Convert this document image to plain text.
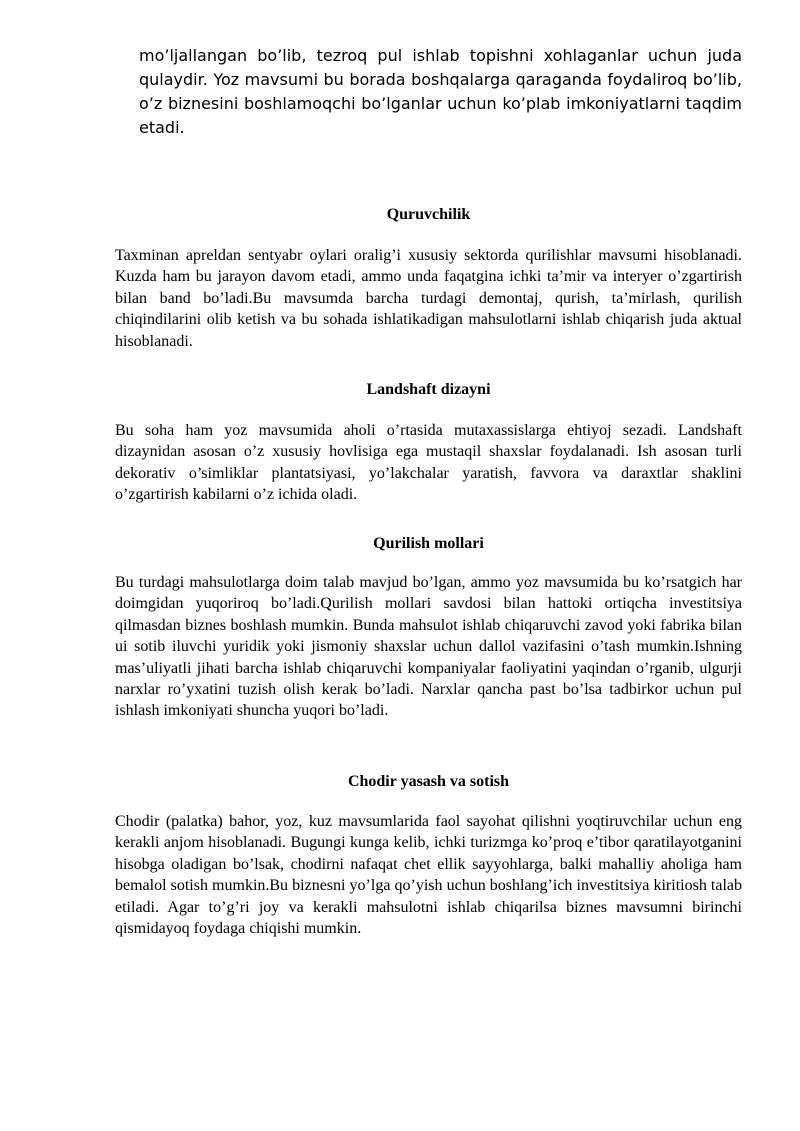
mo’ljallangan bo’lib, tezroq pul ishlab topishni xohlaganlar uchun juda qulaydir. Yoz mavsumi bu borada boshqalarga qaraganda foydaliroq bo’lib, o’z biznesini boshlamoqchi bo’lganlar uchun ko’plab imkoniyatlarni taqdim etadi.

Quruvchilik

Taxminan apreldan sentyabr oylari oralig’i xususiy sektorda qurilishlar mavsumi hisoblanadi. Kuzda ham bu jarayon davom etadi, ammo unda faqatgina ichki ta’mir va interyer o’zgartirish bilan band bo’ladi.Bu mavsumda barcha turdagi demontaj, qurish, ta’mirlash, qurilish chiqindilarini olib ketish va bu sohada ishlatikadigan mahsulotlarni ishlab chiqarish juda aktual hisoblanadi.

Landshaft dizayni

Bu soha ham yoz mavsumida aholi o’rtasida mutaxassislarga ehtiyoj sezadi. Landshaft dizaynidan asosan o’z xususiy hovlisiga ega mustaqil shaxslar foydalanadi. Ish asosan turli dekorativ o’simliklar plantatsiyasi, yo’lakchalar yaratish, favvora va daraxtlar shaklini o’zgartirish kabilarni o’z ichida oladi.

Qurilish mollari

Bu turdagi mahsulotlarga doim talab mavjud bo’lgan, ammo yoz mavsumida bu ko’rsatgich har doimgidan yuqoriroq bo’ladi.Qurilish mollari savdosi bilan hattoki ortiqcha investitsiya qilmasdan biznes boshlash mumkin. Bunda mahsulot ishlab chiqaruvchi zavod yoki fabrika bilan ui sotib iluvchi yuridik yoki jismoniy shaxslar uchun dallol vazifasini o’tash mumkin.Ishning mas’uliyatli jihati barcha ishlab chiqaruvchi kompaniyalar faoliyatini yaqindan o’rganib, ulgurji narxlar ro’yxatini tuzish olish kerak bo’ladi. Narxlar qancha past bo’lsa tadbirkor uchun pul ishlash imkoniyati shuncha yuqori bo’ladi.

Chodir yasash va sotish

Chodir (palatka) bahor, yoz, kuz mavsumlarida faol sayohat qilishni yoqtiruvchilar uchun eng kerakli anjom hisoblanadi. Bugungi kunga kelib, ichki turizmga ko’proq e’tibor qaratilayotganini hisobga oladigan bo’lsak, chodirni nafaqat chet ellik sayyohlarga, balki mahalliy aholiga ham bemalol sotish mumkin.Bu biznesni yo’lga qo’yish uchun boshlang’ich investitsiya kiritiosh talab etiladi. Agar to’g’ri joy va kerakli mahsulotni ishlab chiqarilsa biznes mavsumni birinchi qismidayoq foydaga chiqishi mumkin.
